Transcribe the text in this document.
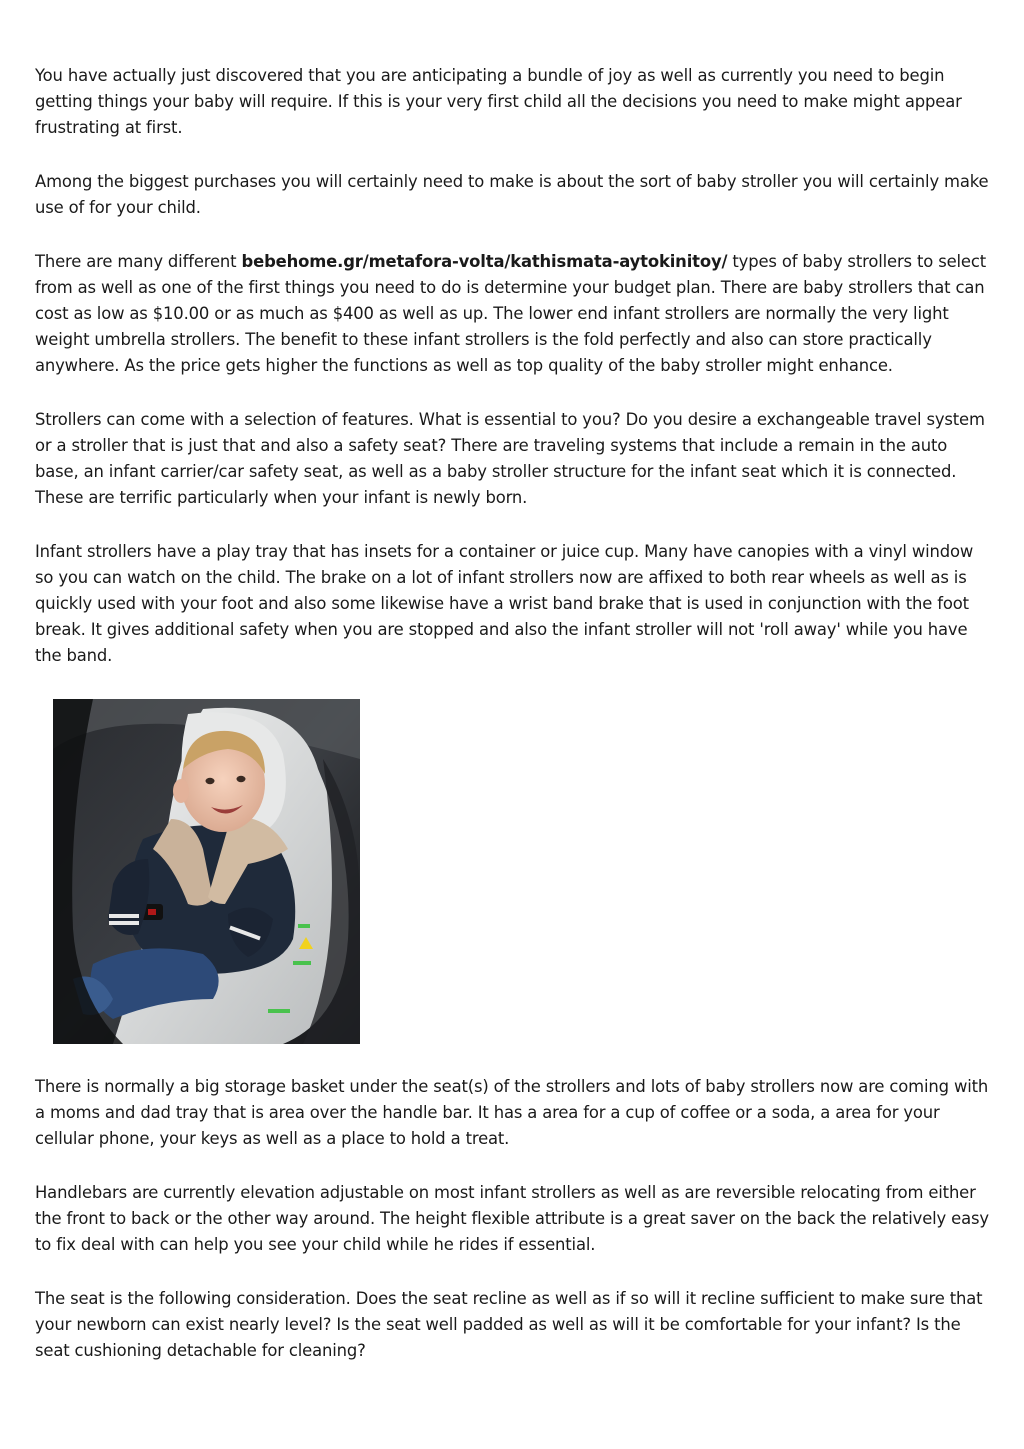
You have actually just discovered that you are anticipating a bundle of joy as well as currently you need to begin getting things your baby will require. If this is your very first child all the decisions you need to make might appear frustrating at first.

Among the biggest purchases you will certainly need to make is about the sort of baby stroller you will certainly make use of for your child.

There are many different bebehome.gr/metafora-volta/kathismata-aytokinitoy/ types of baby strollers to select from as well as one of the first things you need to do is determine your budget plan. There are baby strollers that can cost as low as $10.00 or as much as $400 as well as up. The lower end infant strollers are normally the very light weight umbrella strollers. The benefit to these infant strollers is the fold perfectly and also can store practically anywhere. As the price gets higher the functions as well as top quality of the baby stroller might enhance.

Strollers can come with a selection of features. What is essential to you? Do you desire a exchangeable travel system or a stroller that is just that and also a safety seat? There are traveling systems that include a remain in the auto base, an infant carrier/car safety seat, as well as a baby stroller structure for the infant seat which it is connected. These are terrific particularly when your infant is newly born.

Infant strollers have a play tray that has insets for a container or juice cup. Many have canopies with a vinyl window so you can watch on the child. The brake on a lot of infant strollers now are affixed to both rear wheels as well as is quickly used with your foot and also some likewise have a wrist band brake that is used in conjunction with the foot break. It gives additional safety when you are stopped and also the infant stroller will not 'roll away' while you have the band.

There is normally a big storage basket under the seat(s) of the strollers and lots of baby strollers now are coming with a moms and dad tray that is area over the handle bar. It has a area for a cup of coffee or a soda, a area for your cellular phone, your keys as well as a place to hold a treat.

Handlebars are currently elevation adjustable on most infant strollers as well as are reversible relocating from either the front to back or the other way around. The height flexible attribute is a great saver on the back the relatively easy to fix deal with can help you see your child while he rides if essential.

The seat is the following consideration. Does the seat recline as well as if so will it recline sufficient to make sure that your newborn can exist nearly level? Is the seat well padded as well as will it be comfortable for your infant? Is the seat cushioning detachable for cleaning?
